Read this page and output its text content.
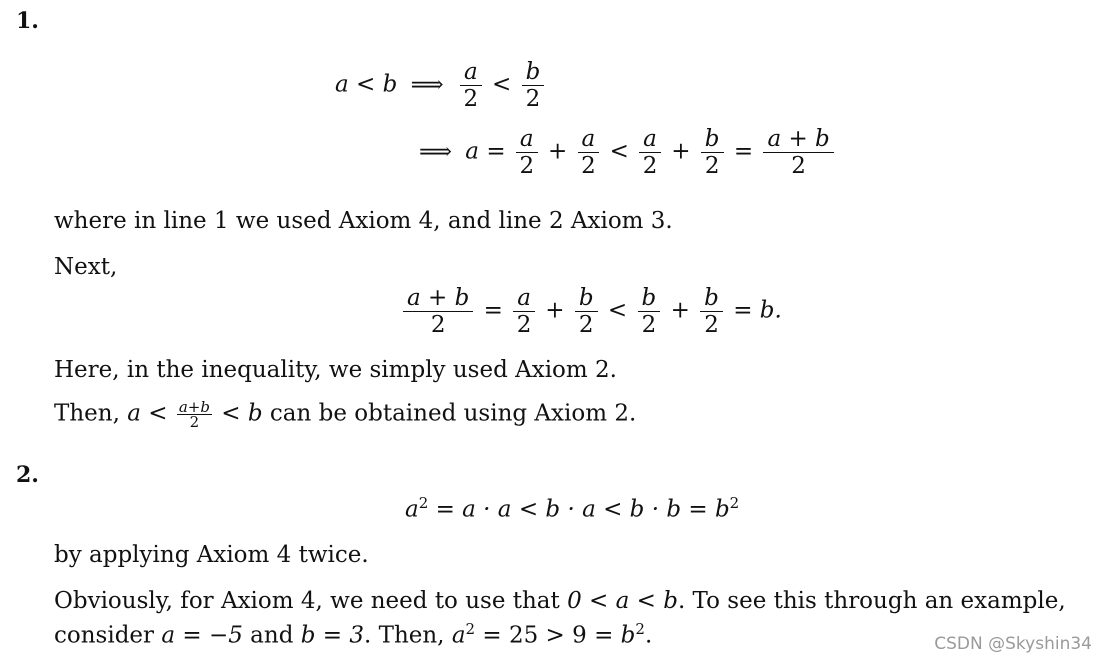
1.
a < b ⟹ $\frac{a}{2} < \frac{b}{2}$
⟹ $a = \frac{a}{2} + \frac{a}{2} < \frac{a}{2} + \frac{b}{2} = \frac{a + b}{2}$
where in line 1 we used Axiom 4, and line 2 Axiom 3.
Next,
$\frac{a + b}{2} = \frac{a}{2} + \frac{b}{2} < \frac{b}{2} + \frac{b}{2} = b$.
Here, in the inequality, we simply used Axiom 2.
Then, $a < \frac{a+b}{2} < b$ can be obtained using Axiom 2.
2.
$a^2 = a \cdot a < b \cdot a < b \cdot b = b^2$
by applying Axiom 4 twice.
Obviously, for Axiom 4, we need to use that 0 < a < b. To see this through an example,
consider a = −5 and b = 3. Then, $a^2 = 25 > 9 = b^2$.	CSDN @Skyshin34
